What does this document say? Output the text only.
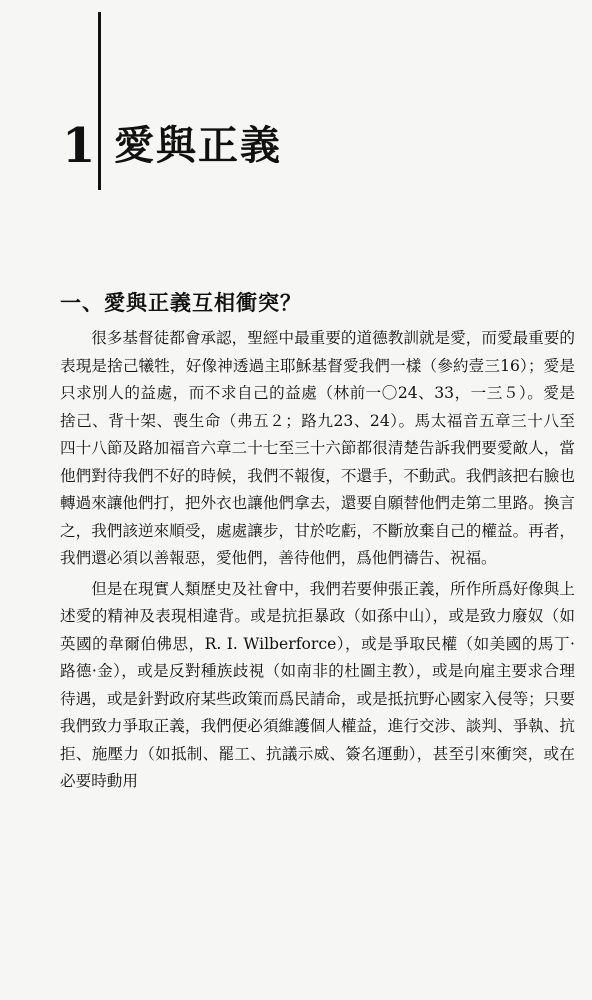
1 愛與正義
一、愛與正義互相衝突？

很多基督徒都會承認，聖經中最重要的道德教訓就是愛，而愛最重要的表現是捨己犧牲，好像神透過主耶穌基督愛我們一樣（參約壹三16）；愛是只求別人的益處，而不求自己的益處（林前一〇24、33，一三５）。愛是捨己、背十架、喪生命（弗五２；路九23、24）。馬太福音五章三十八至四十八節及路加福音六章二十七至三十六節都很清楚告訴我們要愛敵人，當他們對待我們不好的時候，我們不報復，不還手，不動武。我們該把右臉也轉過來讓他們打，把外衣也讓他們拿去，還要自願替他們走第二里路。換言之，我們該逆來順受，處處讓步，甘於吃虧，不斷放棄自己的權益。再者，我們還必須以善報惡，愛他們，善待他們，爲他們禱告、祝福。

但是在現實人類歷史及社會中，我們若要伸張正義，所作所爲好像與上述愛的精神及表現相違背。或是抗拒暴政（如孫中山），或是致力廢奴（如英國的韋爾伯佛思，R. I. Wilberforce），或是爭取民權（如美國的馬丁·路德·金），或是反對種族歧視（如南非的杜圖主教），或是向雇主要求合理待遇，或是針對政府某些政策而爲民請命，或是抵抗野心國家入侵等；只要我們致力爭取正義，我們便必須維護個人權益，進行交涉、談判、爭執、抗拒、施壓力（如抵制、罷工、抗議示威、簽名運動），甚至引來衝突，或在必要時動用
